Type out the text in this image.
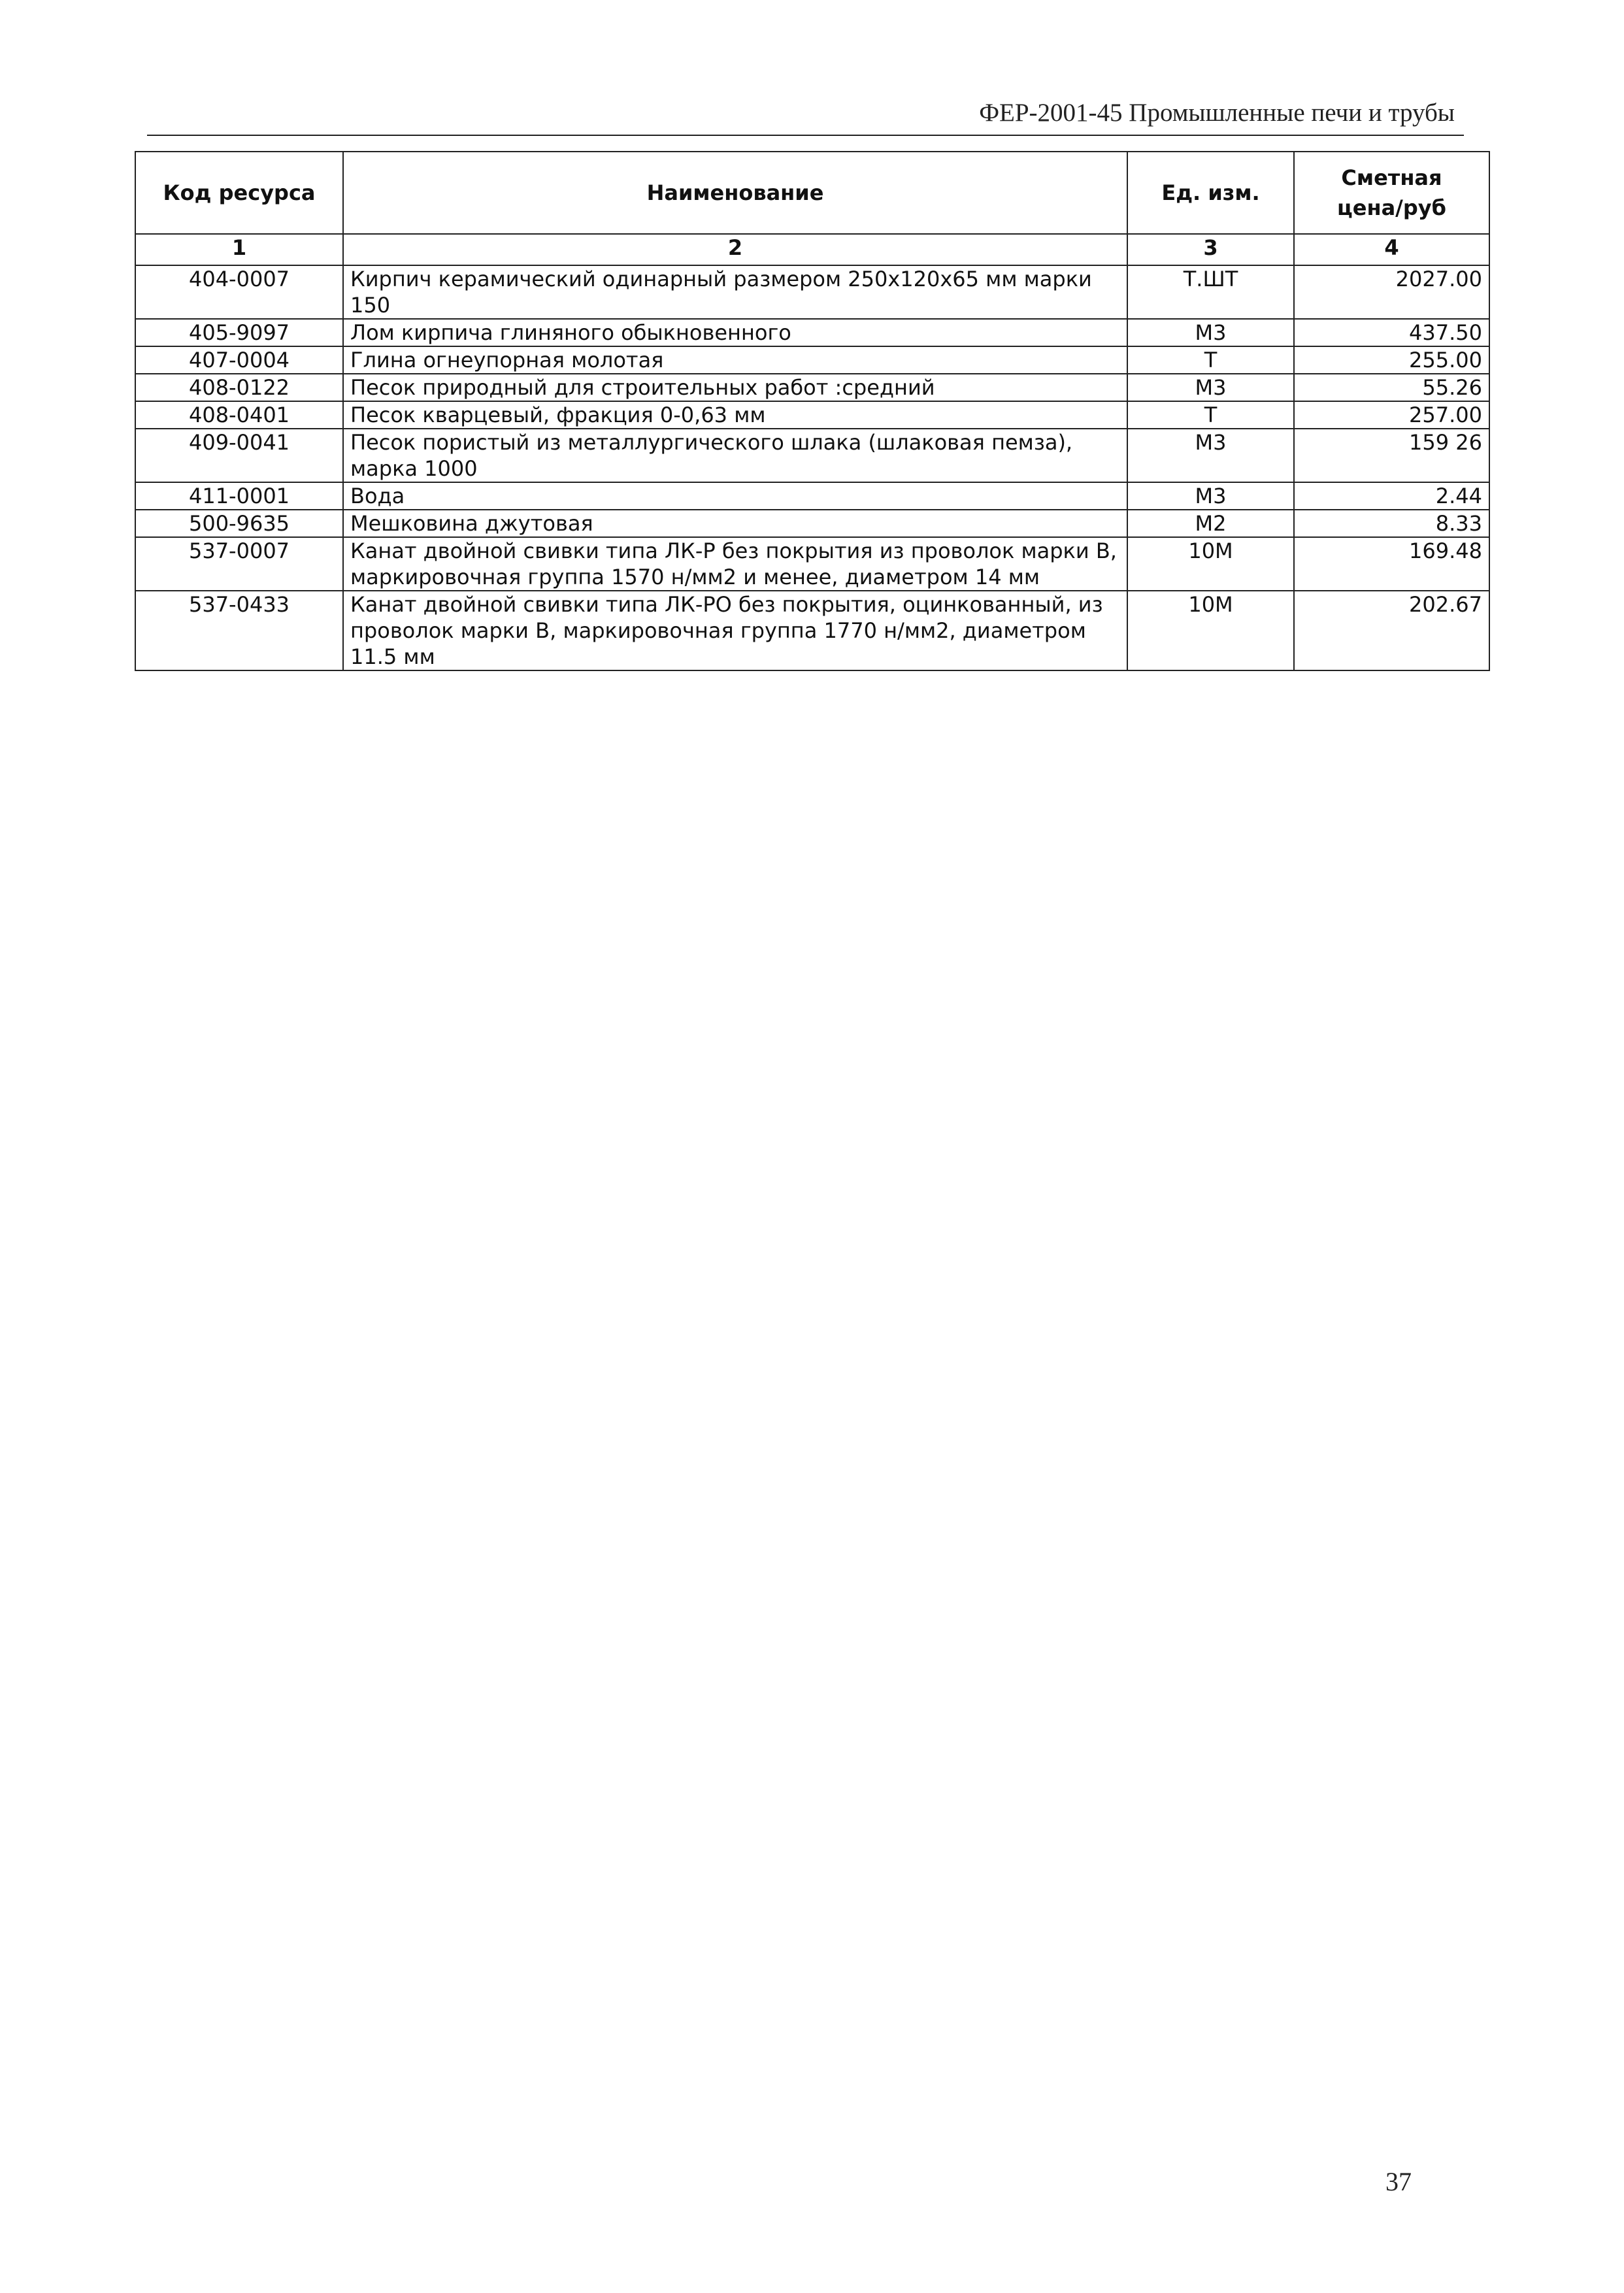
ФЕР-2001-45 Промышленные печи и трубы
Код ресурса	Наименование	Ед. изм.	Сметная
цена/руб
1	2	3	4
404-0007	Кирпич керамический одинарный размером 250х120х65 мм марки 150	Т.ШТ	2027.00
405-9097	Лом кирпича глиняного обыкновенного	М3	437.50
407-0004	Глина огнеупорная молотая	Т	255.00
408-0122	Песок природный для строительных работ :средний	М3	55.26
408-0401	Песок кварцевый, фракция 0-0,63 мм	Т	257.00
409-0041	Песок пористый из металлургического шлака (шлаковая пемза), марка 1000	М3	159 26
411-0001	Вода	М3	2.44
500-9635	Мешковина джутовая	М2	8.33
537-0007	Канат двойной свивки типа ЛК-Р без покрытия из проволок марки В, маркировочная группа 1570 н/мм2 и менее, диаметром 14 мм	10М	169.48
537-0433	Канат двойной свивки типа ЛК-РО без покрытия, оцинкованный, из проволок марки В, маркировочная группа 1770 н/мм2, диаметром 11.5 мм	10М	202.67
37
